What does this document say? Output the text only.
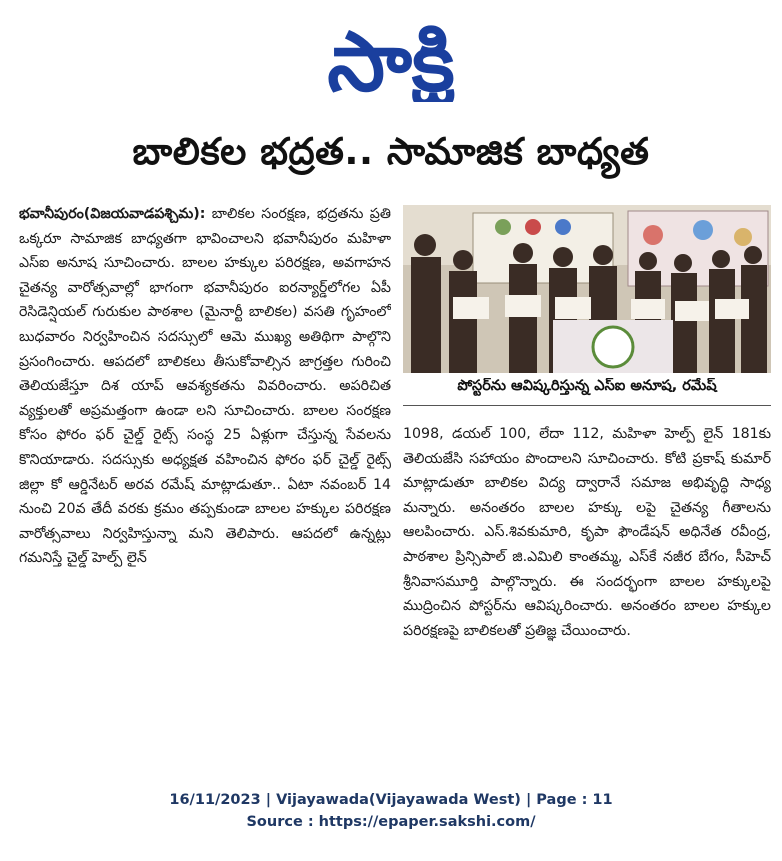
సాక్షి
బాలికల భద్రత.. సామాజిక బాధ్యత
భవానీపురం(విజయవాడపశ్చిమ): బాలికల సంరక్షణ, భద్రతను ప్రతి ఒక్కరూ సామాజిక బాధ్యతగా భావించాలని భవానీపురం మహిళా ఎస్ఐ అనూష సూచించారు. బాలల హక్కుల పరిరక్షణ, అవగాహన చైతన్య వారోత్సవాల్లో భాగంగా భవానీపురం ఐరన్యార్డ్‌లోగల ఏపీ రెసిడెన్షియల్ గురుకుల పాఠశాల (మైనార్టీ బాలికల) వసతి గృహంలో బుధవారం నిర్వహించిన సదస్సులో ఆమె ముఖ్య అతిథిగా పాల్గొని ప్రసంగించారు. ఆపదలో బాలికలు తీసుకోవాల్సిన జాగ్రత్తల గురించి తెలియజేస్తూ దిశ యాప్ ఆవశ్యకతను వివరించారు. అపరిచిత వ్యక్తులతో అప్రమత్తంగా ఉండా లని సూచించారు. బాలల సంరక్షణ కోసం ఫోరం ఫర్ చైల్డ్ రైట్స్ సంస్థ 25 ఏళ్లుగా చేస్తున్న సేవలను కొనియాడారు. సదస్సుకు అధ్యక్షత వహించిన ఫోరం ఫర్ చైల్డ్ రైట్స్ జిల్లా కో ఆర్డినేటర్ అరవ రమేష్ మాట్లాడుతూ.. ఏటా నవంబర్ 14 నుంచి 20వ తేదీ వరకు క్రమం తప్పకుండా బాలల హక్కుల పరిరక్షణ వారోత్సవాలు నిర్వహిస్తున్నా మని తెలిపారు. ఆపదలో ఉన్నట్లు గమనిస్తే చైల్డ్ హెల్ప్ లైన్
పోస్టర్‌ను ఆవిష్కరిస్తున్న ఎస్ఐ అనూష, రమేష్
1098, డయల్ 100, లేదా 112, మహిళా హెల్ప్ లైన్ 181కు తెలియజేసి సహాయం పొందాలని సూచించారు. కోటి ప్రకాష్ కుమార్ మాట్లాడుతూ బాలికల విద్య ద్వారానే సమాజ అభివృద్ధి సాధ్య మన్నారు. అనంతరం బాలల హక్కు లపై చైతన్య గీతాలను ఆలపించారు. ఎస్.శివకుమారి, కృపా ఫౌండేషన్ అధినేత రవీంద్ర, పాఠశాల ప్రిన్సిపాల్ జి.ఎమిలి కాంతమ్మ, ఎస్‌కే నజీర బేగం, సీహెచ్ శ్రీనివాసమూర్తి పాల్గొన్నారు. ఈ సందర్భంగా బాలల హక్కులపై ముద్రించిన పోస్టర్‌ను ఆవిష్కరించారు. అనంతరం బాలల హక్కుల పరిరక్షణపై బాలికలతో ప్రతిజ్ఞ చేయించారు.
16/11/2023 | Vijayawada(Vijayawada West) | Page : 11
Source : https://epaper.sakshi.com/
